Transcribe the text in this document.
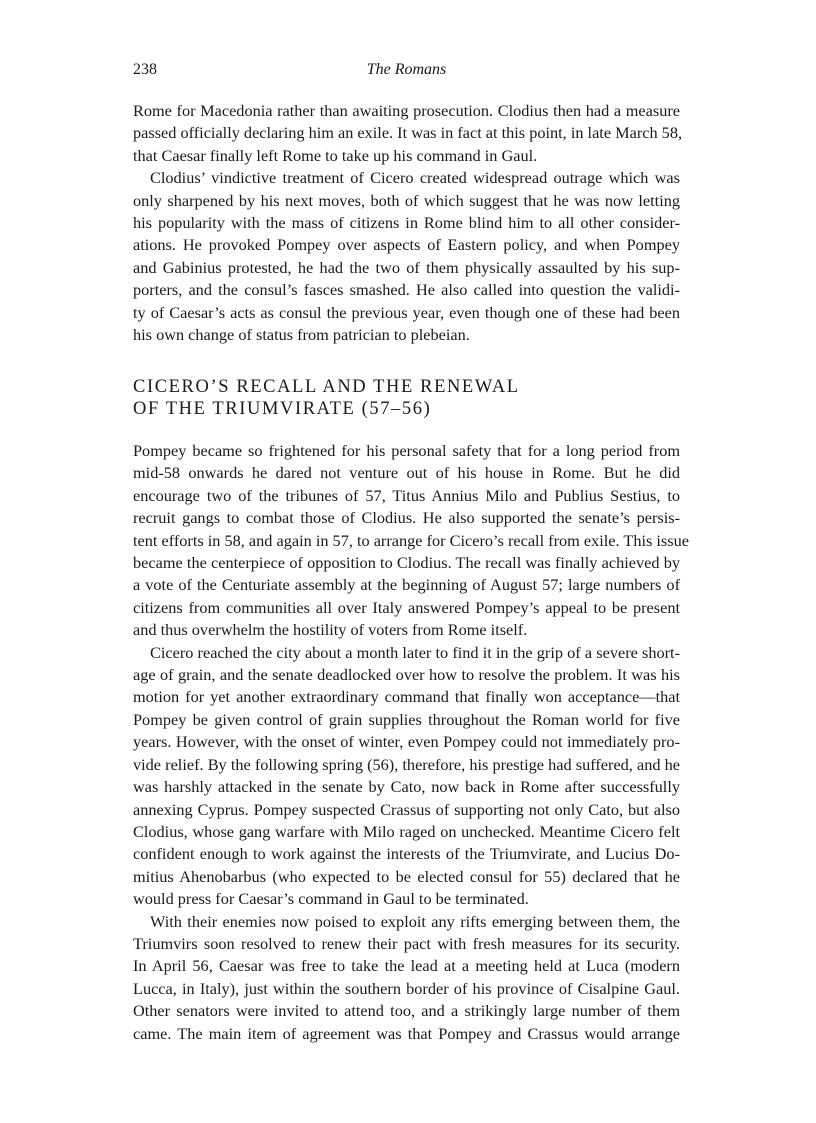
238	The Romans
Rome for Macedonia rather than awaiting prosecution. Clodius then had a measure
passed officially declaring him an exile. It was in fact at this point, in late March 58,
that Caesar finally left Rome to take up his command in Gaul.
Clodius’ vindictive treatment of Cicero created widespread outrage which was
only sharpened by his next moves, both of which suggest that he was now letting
his popularity with the mass of citizens in Rome blind him to all other consider-
ations. He provoked Pompey over aspects of Eastern policy, and when Pompey
and Gabinius protested, he had the two of them physically assaulted by his sup-
porters, and the consul’s fasces smashed. He also called into question the validi-
ty of Caesar’s acts as consul the previous year, even though one of these had been
his own change of status from patrician to plebeian.
CICERO’S RECALL AND THE RENEWAL
OF THE TRIUMVIRATE (57–56)
Pompey became so frightened for his personal safety that for a long period from
mid-58 onwards he dared not venture out of his house in Rome. But he did
encourage two of the tribunes of 57, Titus Annius Milo and Publius Sestius, to
recruit gangs to combat those of Clodius. He also supported the senate’s persis-
tent efforts in 58, and again in 57, to arrange for Cicero’s recall from exile. This issue
became the centerpiece of opposition to Clodius. The recall was finally achieved by
a vote of the Centuriate assembly at the beginning of August 57; large numbers of
citizens from communities all over Italy answered Pompey’s appeal to be present
and thus overwhelm the hostility of voters from Rome itself.
Cicero reached the city about a month later to find it in the grip of a severe short-
age of grain, and the senate deadlocked over how to resolve the problem. It was his
motion for yet another extraordinary command that finally won acceptance—that
Pompey be given control of grain supplies throughout the Roman world for five
years. However, with the onset of winter, even Pompey could not immediately pro-
vide relief. By the following spring (56), therefore, his prestige had suffered, and he
was harshly attacked in the senate by Cato, now back in Rome after successfully
annexing Cyprus. Pompey suspected Crassus of supporting not only Cato, but also
Clodius, whose gang warfare with Milo raged on unchecked. Meantime Cicero felt
confident enough to work against the interests of the Triumvirate, and Lucius Do-
mitius Ahenobarbus (who expected to be elected consul for 55) declared that he
would press for Caesar’s command in Gaul to be terminated.
With their enemies now poised to exploit any rifts emerging between them, the
Triumvirs soon resolved to renew their pact with fresh measures for its security.
In April 56, Caesar was free to take the lead at a meeting held at Luca (modern
Lucca, in Italy), just within the southern border of his province of Cisalpine Gaul.
Other senators were invited to attend too, and a strikingly large number of them
came. The main item of agreement was that Pompey and Crassus would arrange
